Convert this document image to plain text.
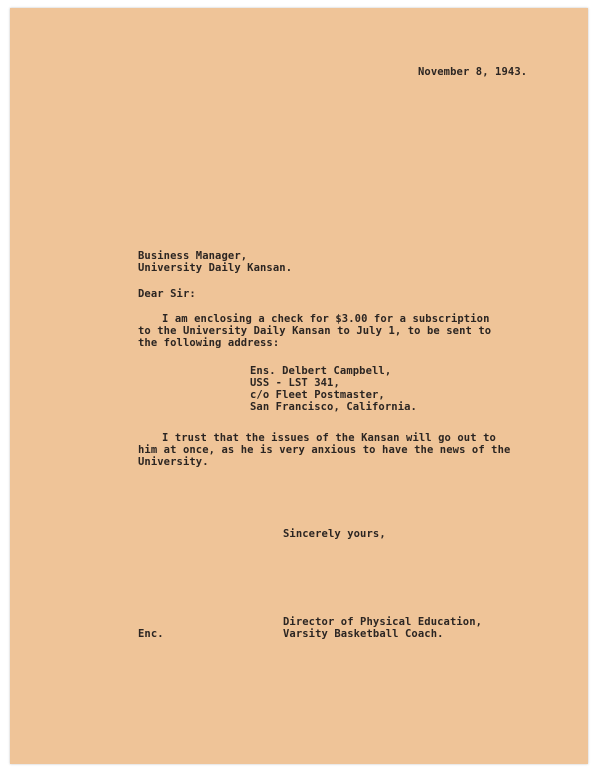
November 8, 1943.
Business Manager,
University Daily Kansan.
Dear Sir:
I am enclosing a check for $3.00 for a subscription
to the University Daily Kansan to July 1, to be sent to
the following address:
Ens. Delbert Campbell,
USS - LST 341,
c/o Fleet Postmaster,
San Francisco, California.
I trust that the issues of the Kansan will go out to
him at once, as he is very anxious to have the news of the
University.
Sincerely yours,
Director of Physical Education,
Varsity Basketball Coach.
Enc.
